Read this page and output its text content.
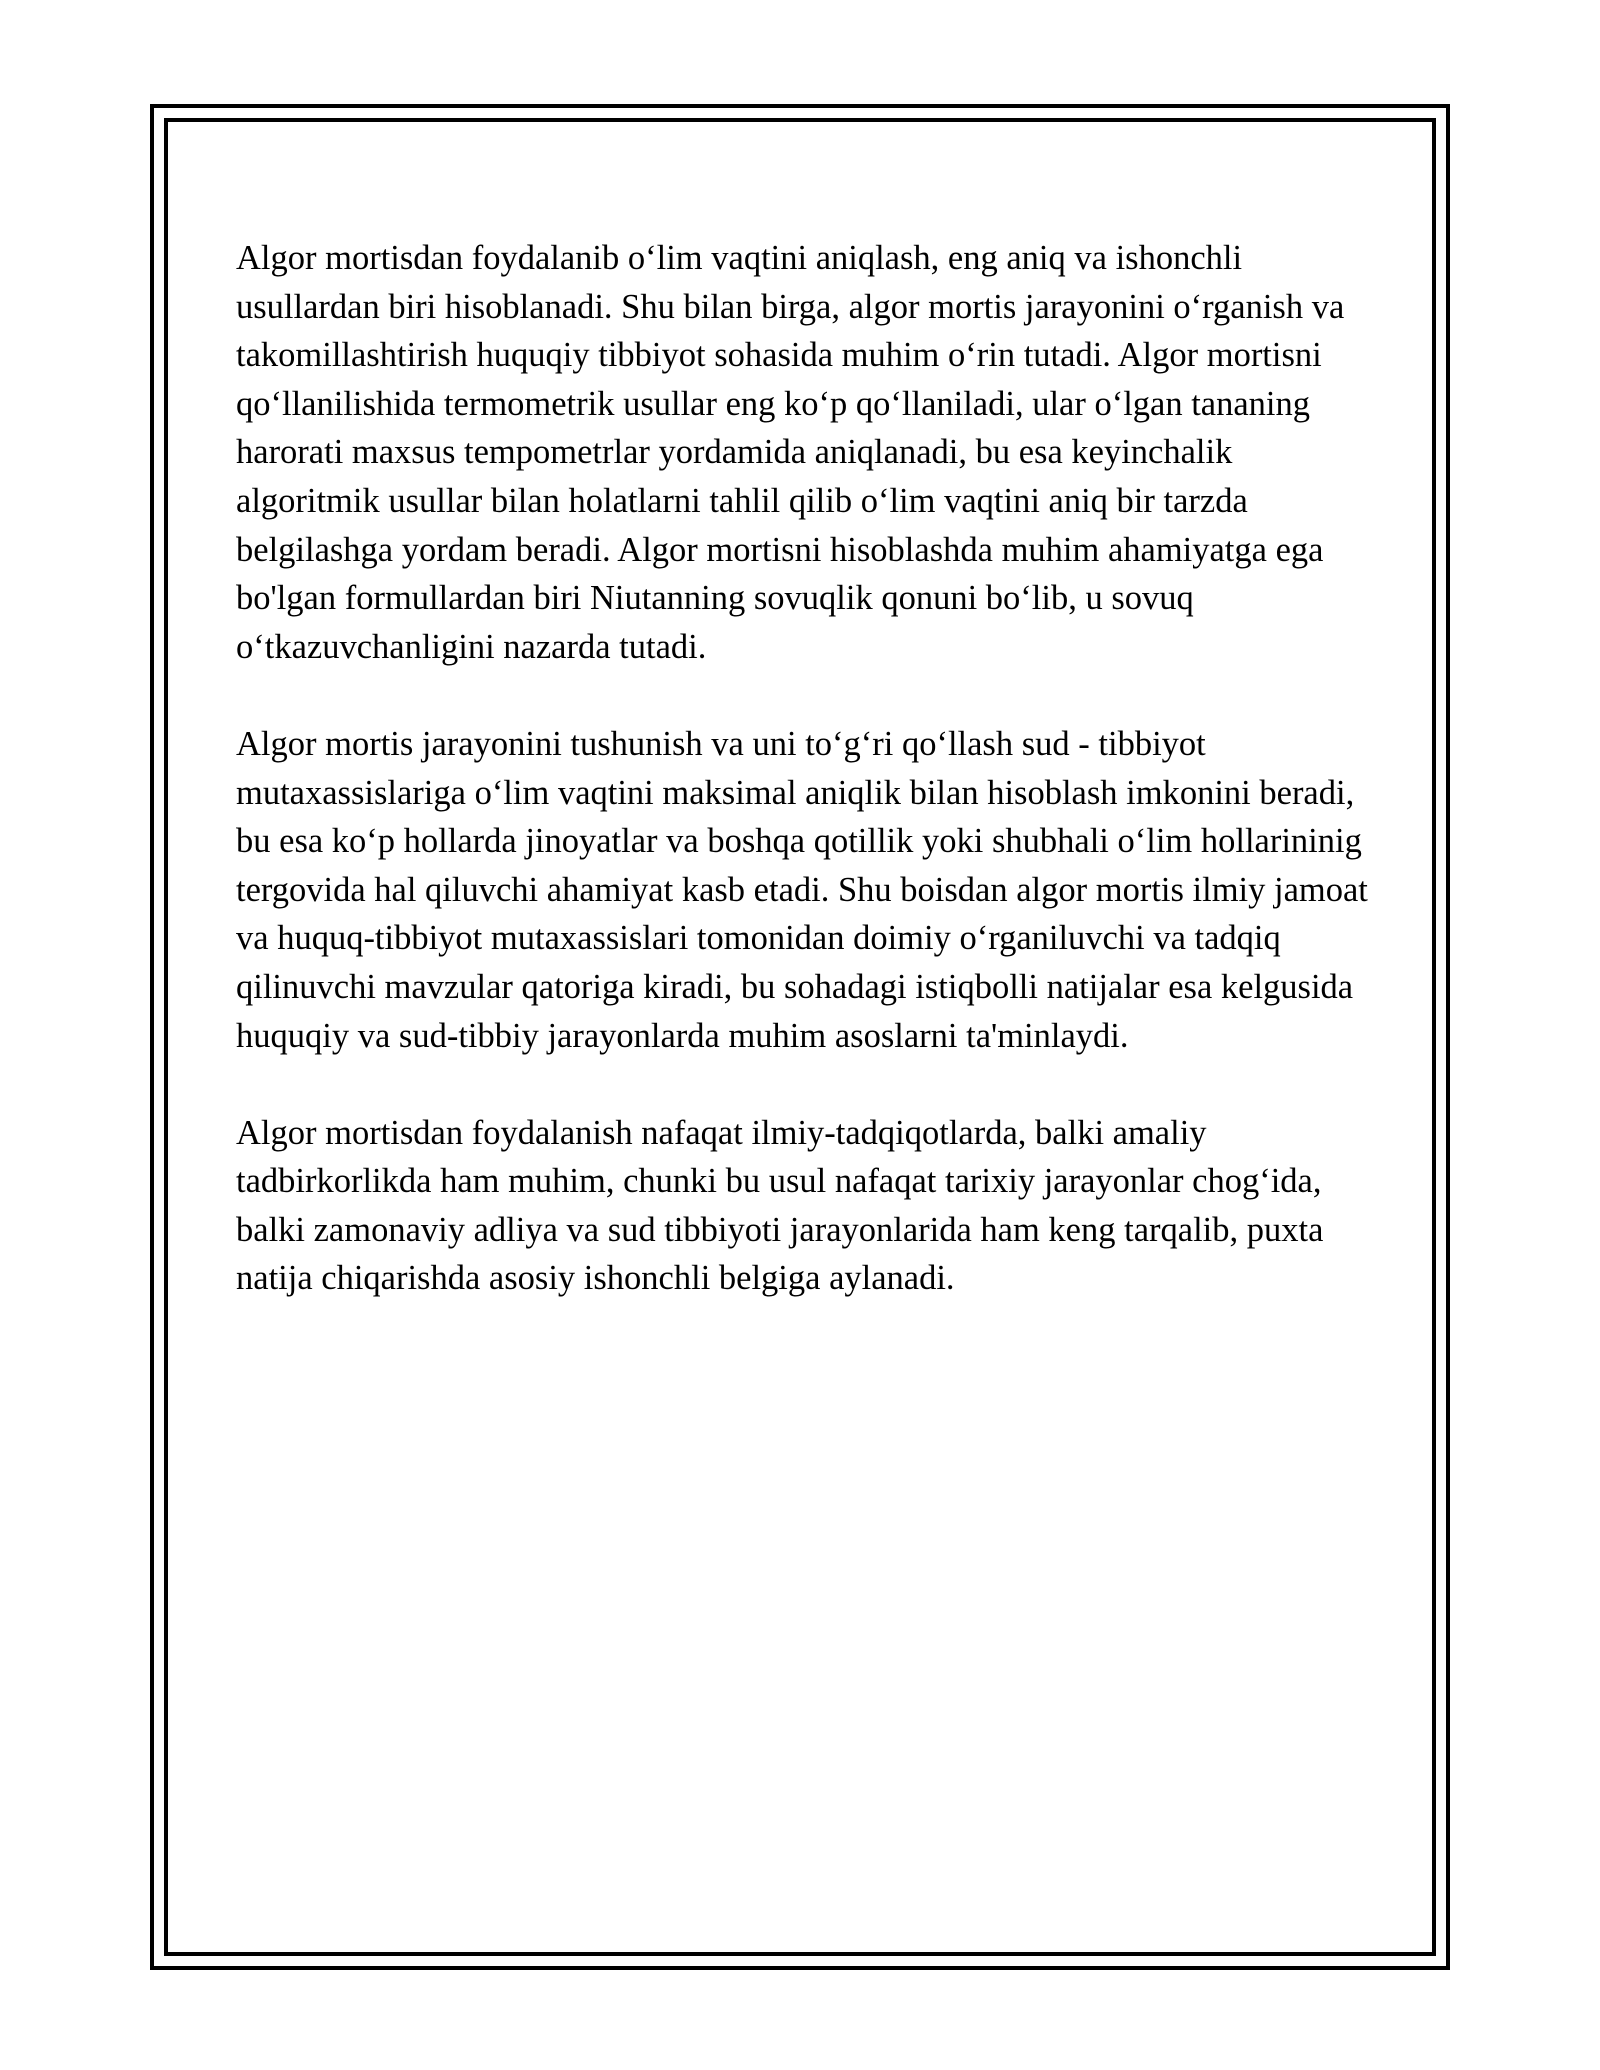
Algor mortisdan foydalanib o‘lim vaqtini aniqlash, eng aniq va ishonchli usullardan biri hisoblanadi. Shu bilan birga, algor mortis jarayonini o‘rganish va takomillashtirish huquqiy tibbiyot sohasida muhim o‘rin tutadi. Algor mortisni qo‘llanilishida termometrik usullar eng ko‘p qo‘llaniladi, ular o‘lgan tananing harorati maxsus tempometrlar yordamida aniqlanadi, bu esa keyinchalik algoritmik usullar bilan holatlarni tahlil qilib o‘lim vaqtini aniq bir tarzda belgilashga yordam beradi. Algor mortisni hisoblashda muhim ahamiyatga ega bo'lgan formullardan biri Niutanning sovuqlik qonuni bo‘lib, u sovuq o‘tkazuvchanligini nazarda tutadi.

Algor mortis jarayonini tushunish va uni to‘g‘ri qo‘llash sud - tibbiyot mutaxassislariga o‘lim vaqtini maksimal aniqlik bilan hisoblash imkonini beradi, bu esa ko‘p hollarda jinoyatlar va boshqa qotillik yoki shubhali o‘lim hollarininig tergovida hal qiluvchi ahamiyat kasb etadi. Shu boisdan algor mortis ilmiy jamoat va huquq-tibbiyot mutaxassislari tomonidan doimiy o‘rganiluvchi va tadqiq qilinuvchi mavzular qatoriga kiradi, bu sohadagi istiqbolli natijalar esa kelgusida huquqiy va sud-tibbiy jarayonlarda muhim asoslarni ta'minlaydi.

Algor mortisdan foydalanish nafaqat ilmiy-tadqiqotlarda, balki amaliy tadbirkorlikda ham muhim, chunki bu usul nafaqat tarixiy jarayonlar chog‘ida, balki zamonaviy adliya va sud tibbiyoti jarayonlarida ham keng tarqalib, puxta natija chiqarishda asosiy ishonchli belgiga aylanadi.
